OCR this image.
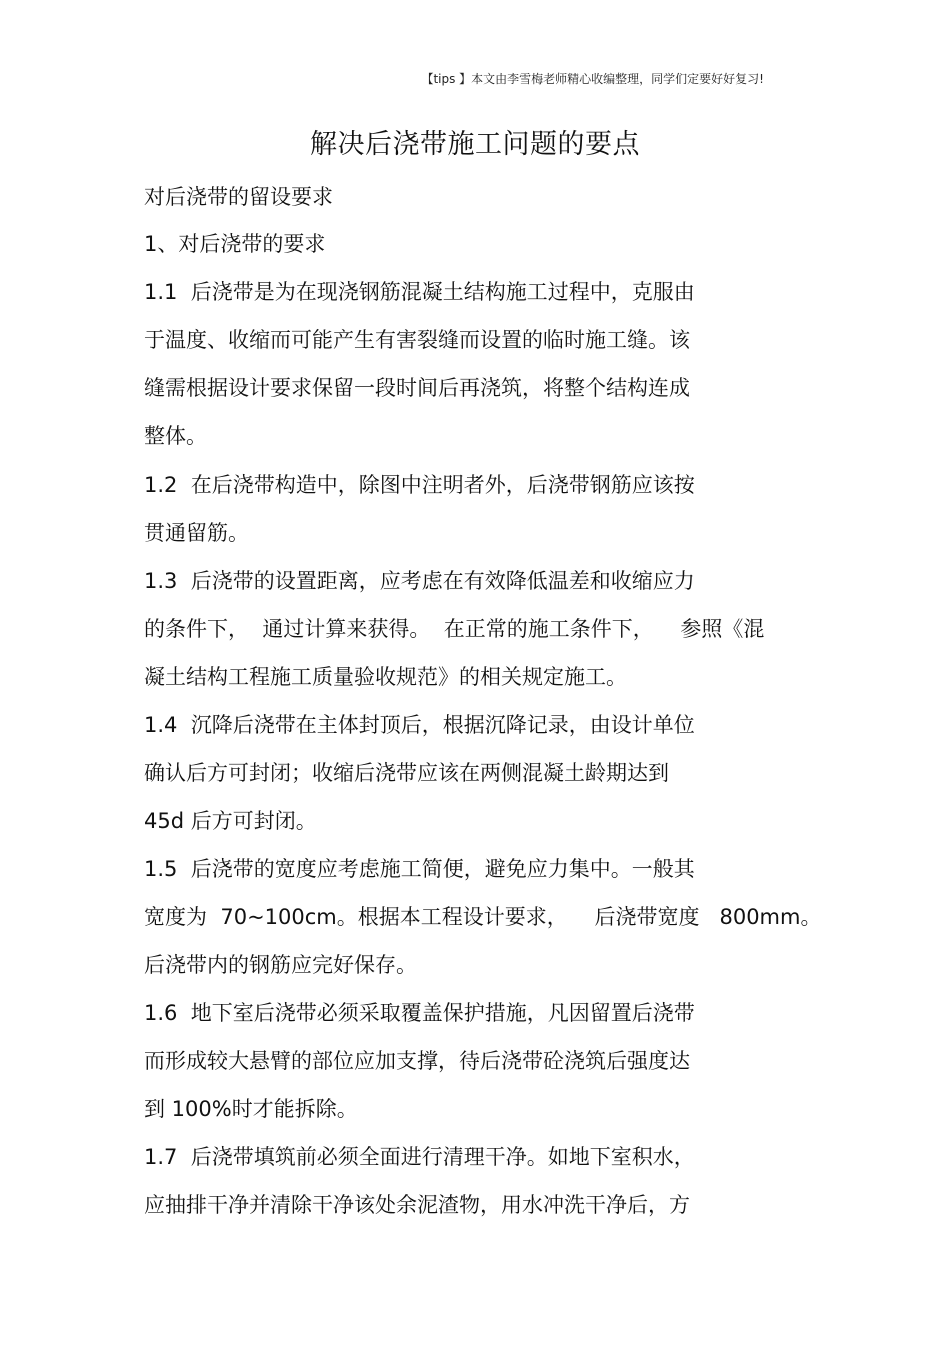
【tips 】本文由李雪梅老师精心收编整理，同学们定要好好复习!
解决后浇带施工问题的要点
对后浇带的留设要求
1、对后浇带的要求
1.1  后浇带是为在现浇钢筋混凝土结构施工过程中，克服由
于温度、收缩而可能产生有害裂缝而设置的临时施工缝。该
缝需根据设计要求保留一段时间后再浇筑，将整个结构连成
整体。
1.2  在后浇带构造中，除图中注明者外，后浇带钢筋应该按
贯通留筋。
1.3  后浇带的设置距离，应考虑在有效降低温差和收缩应力
的条件下，  通过计算来获得。  在正常的施工条件下，    参照《混
凝土结构工程施工质量验收规范》的相关规定施工。
1.4  沉降后浇带在主体封顶后，根据沉降记录，由设计单位
确认后方可封闭；收缩后浇带应该在两侧混凝土龄期达到
45d 后方可封闭。
1.5  后浇带的宽度应考虑施工简便，避免应力集中。一般其
宽度为  70~100cm。根据本工程设计要求，    后浇带宽度   800mm。
后浇带内的钢筋应完好保存。
1.6  地下室后浇带必须采取覆盖保护措施，凡因留置后浇带
而形成较大悬臂的部位应加支撑，待后浇带砼浇筑后强度达
到 100%时才能拆除。
1.7  后浇带填筑前必须全面进行清理干净。如地下室积水，
应抽排干净并清除干净该处余泥渣物，用水冲洗干净后，方
